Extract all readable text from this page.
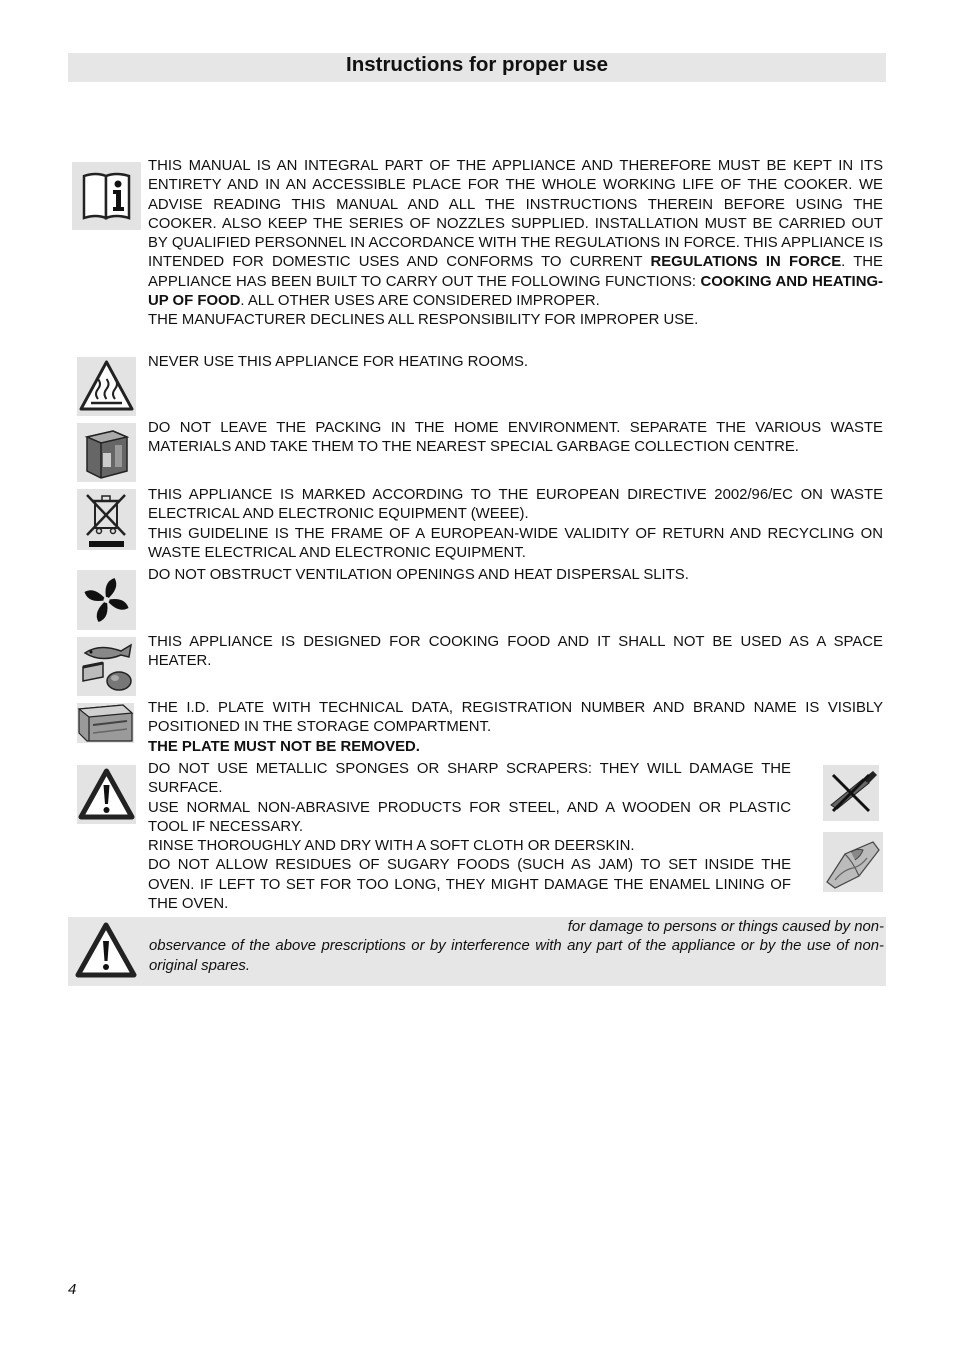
Instructions for proper use

THIS MANUAL IS AN INTEGRAL PART OF THE APPLIANCE AND THEREFORE MUST BE KEPT IN ITS ENTIRETY AND IN AN ACCESSIBLE PLACE FOR THE WHOLE WORKING LIFE OF THE COOKER. WE ADVISE READING THIS MANUAL AND ALL THE INSTRUCTIONS THEREIN BEFORE USING THE COOKER. ALSO KEEP THE SERIES OF NOZZLES SUPPLIED. INSTALLATION MUST BE CARRIED OUT BY QUALIFIED PERSONNEL IN ACCORDANCE WITH THE REGULATIONS IN FORCE. THIS APPLIANCE IS INTENDED FOR DOMESTIC USES AND CONFORMS TO CURRENT REGULATIONS IN FORCE. THE APPLIANCE HAS BEEN BUILT TO CARRY OUT THE FOLLOWING FUNCTIONS: COOKING AND HEATING-UP OF FOOD. ALL OTHER USES ARE CONSIDERED IMPROPER.

THE MANUFACTURER DECLINES ALL RESPONSIBILITY FOR IMPROPER USE.

NEVER USE THIS APPLIANCE FOR HEATING ROOMS.

DO NOT LEAVE THE PACKING IN THE HOME ENVIRONMENT. SEPARATE THE VARIOUS WASTE MATERIALS AND TAKE THEM TO THE NEAREST SPECIAL GARBAGE COLLECTION CENTRE.

THIS APPLIANCE IS MARKED ACCORDING TO THE EUROPEAN DIRECTIVE 2002/96/EC ON WASTE ELECTRICAL AND ELECTRONIC EQUIPMENT (WEEE).

THIS GUIDELINE IS THE FRAME OF A EUROPEAN-WIDE VALIDITY OF RETURN AND RECYCLING ON WASTE ELECTRICAL AND ELECTRONIC EQUIPMENT.

DO NOT OBSTRUCT VENTILATION OPENINGS AND HEAT DISPERSAL SLITS.

THIS APPLIANCE IS DESIGNED FOR COOKING FOOD AND IT SHALL NOT BE USED AS A SPACE HEATER.

THE I.D. PLATE WITH TECHNICAL DATA, REGISTRATION NUMBER AND BRAND NAME IS VISIBLY POSITIONED IN THE STORAGE COMPARTMENT.

THE PLATE MUST NOT BE REMOVED.

DO NOT USE METALLIC SPONGES OR SHARP SCRAPERS: THEY WILL DAMAGE THE SURFACE.

USE NORMAL NON-ABRASIVE PRODUCTS FOR STEEL, AND A WOODEN OR PLASTIC TOOL IF NECESSARY.

RINSE THOROUGHLY AND DRY WITH A SOFT CLOTH OR DEERSKIN.

DO NOT ALLOW RESIDUES OF SUGARY FOODS (SUCH AS JAM) TO SET INSIDE THE OVEN. IF LEFT TO SET FOR TOO LONG, THEY MIGHT DAMAGE THE ENAMEL LINING OF THE OVEN.

for damage to persons or things caused by non-

observance of the above prescriptions or by interference with any part of the appliance or by the use of non-original spares.

4
